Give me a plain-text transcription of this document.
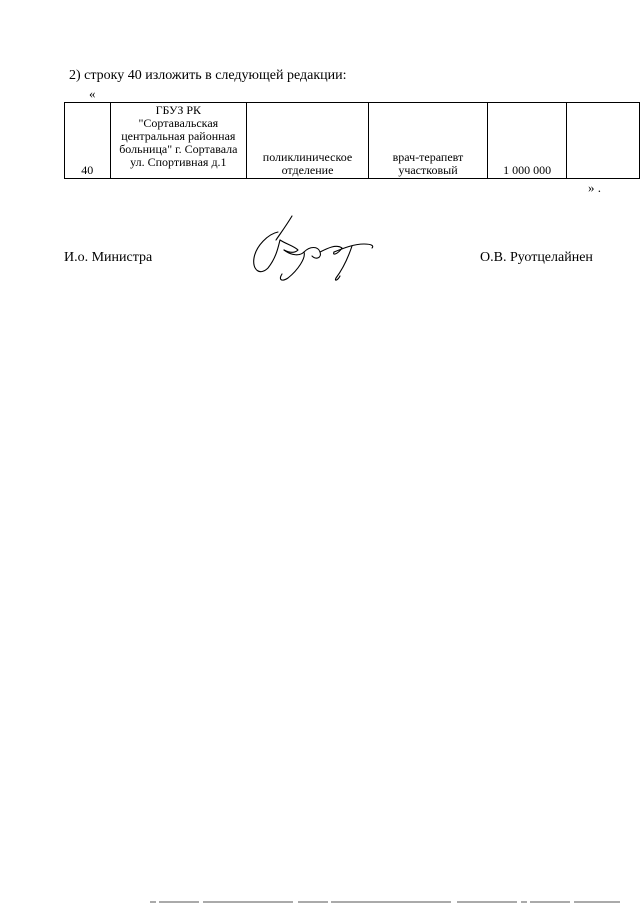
2) строку 40 изложить в следующей редакции:
«
40	ГБУЗ РК
"Сортавальская
центральная районная
больница" г. Сортавала
ул. Спортивная д.1	поликлиническое отделение	врач-терапевт участковый	1 000 000	
» .
И.о. Министра	О.В. Руотцелайнен
